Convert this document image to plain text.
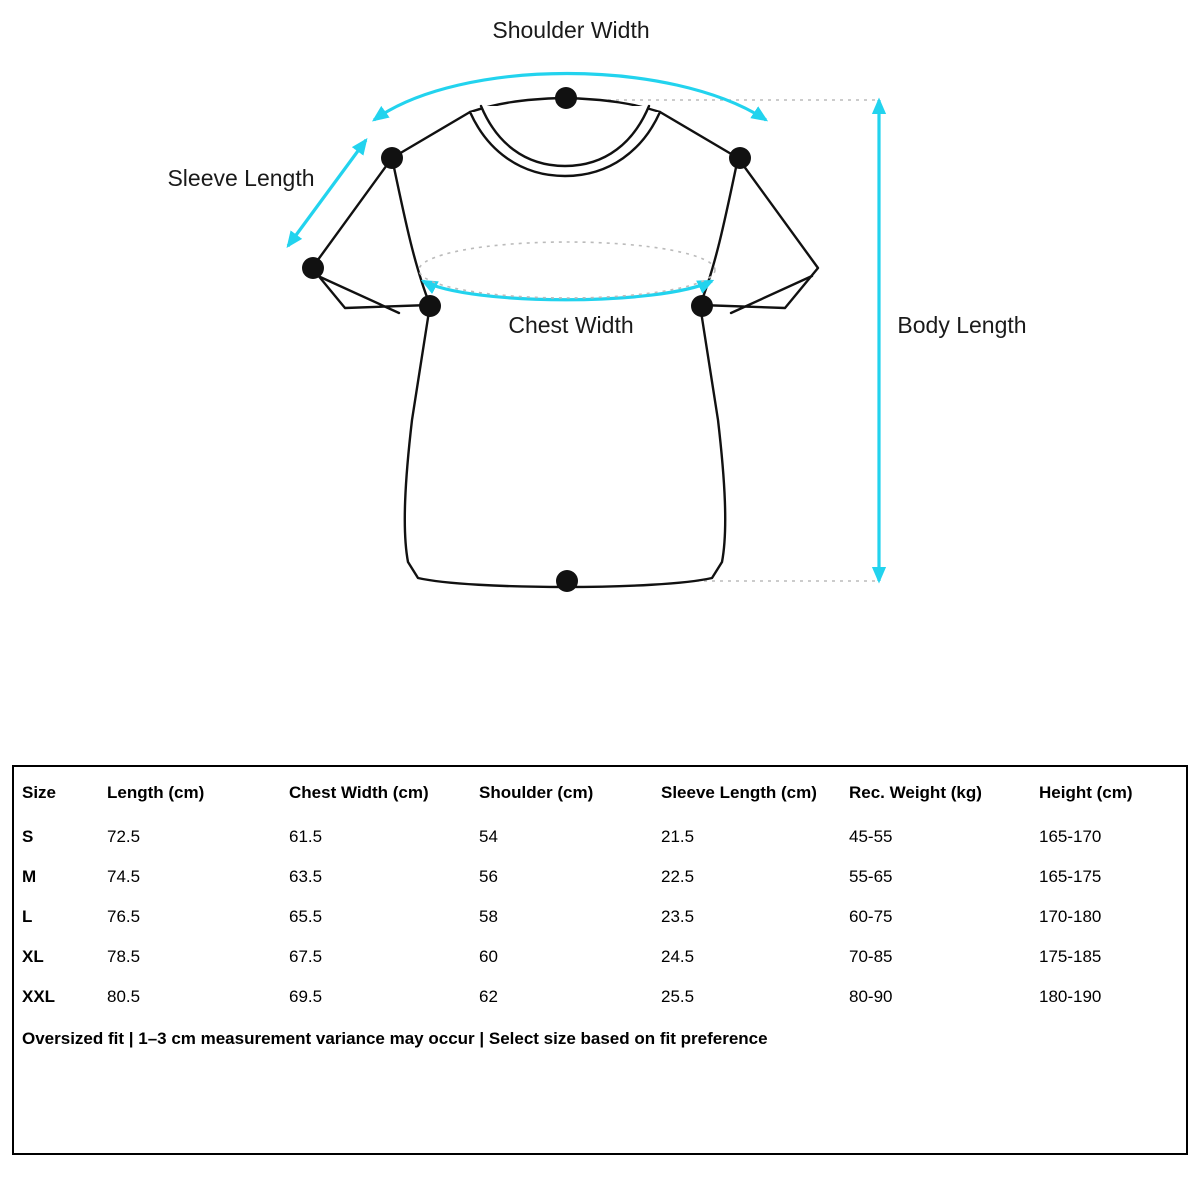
Shoulder Width
Sleeve Length
Chest Width	Body Length
Size	Length (cm)	Chest Width (cm)	Shoulder (cm)	Sleeve Length (cm)	Rec. Weight (kg)	Height (cm)
S	72.5	61.5	54	21.5	45-55	165-170
M	74.5	63.5	56	22.5	55-65	165-175
L	76.5	65.5	58	23.5	60-75	170-180
XL	78.5	67.5	60	24.5	70-85	175-185
XXL	80.5	69.5	62	25.5	80-90	180-190
Oversized fit | 1–3 cm measurement variance may occur | Select size based on fit preference						
